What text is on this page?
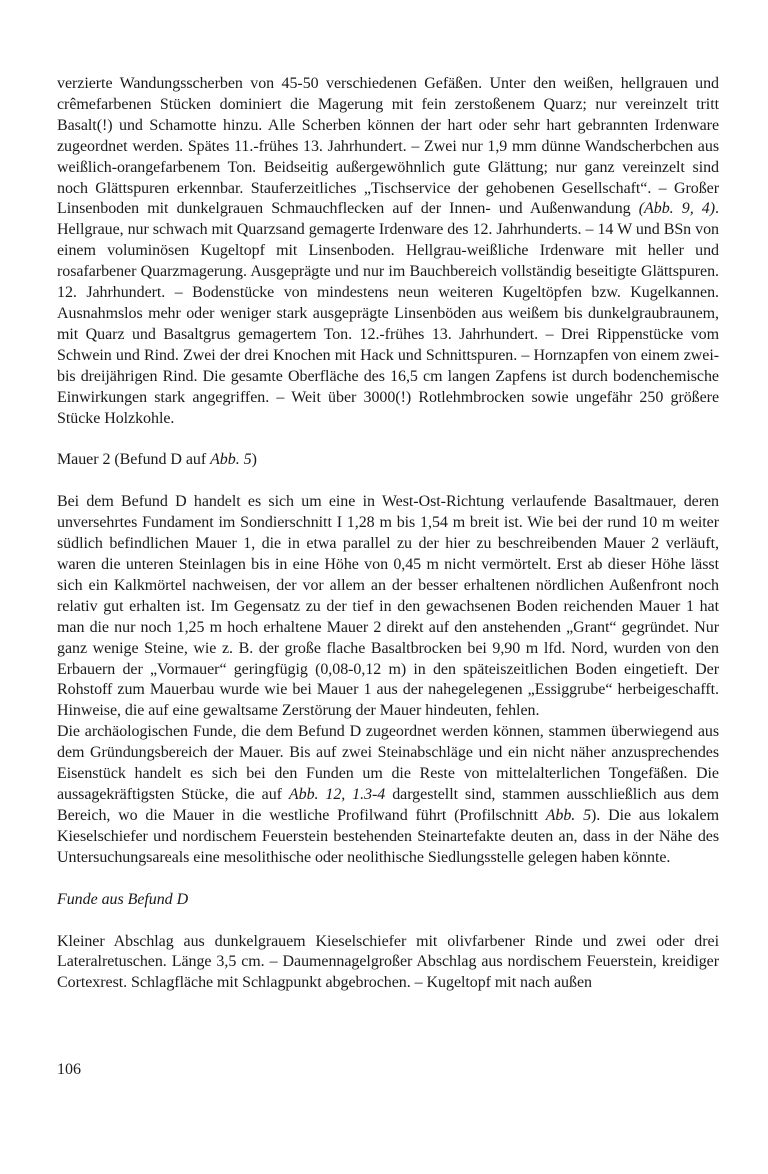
verzierte Wandungsscherben von 45-50 verschiedenen Gefäßen. Unter den weißen, hellgrauen und crêmefarbenen Stücken dominiert die Magerung mit fein zerstoßenem Quarz; nur vereinzelt tritt Basalt(!) und Schamotte hinzu. Alle Scherben können der hart oder sehr hart gebrannten Irdenware zugeordnet werden. Spätes 11.-frühes 13. Jahrhundert. – Zwei nur 1,9 mm dünne Wandscherbchen aus weißlich-orangefarbenem Ton. Beidseitig außergewöhnlich gute Glättung; nur ganz vereinzelt sind noch Glättspuren erkennbar. Stauferzeitliches „Tischservice der gehobenen Gesellschaft“. – Großer Linsenboden mit dunkelgrauen Schmauchflecken auf der Innen- und Außenwandung (Abb. 9, 4). Hellgraue, nur schwach mit Quarzsand gemagerte Irdenware des 12. Jahrhunderts. – 14 W und BSn von einem voluminösen Kugeltopf mit Linsenboden. Hellgrau-weißliche Irdenware mit heller und rosafarbener Quarzmagerung. Ausgeprägte und nur im Bauchbereich vollständig beseitigte Glättspuren. 12. Jahrhundert. – Bodenstücke von mindestens neun weiteren Kugeltöpfen bzw. Kugelkannen. Ausnahmslos mehr oder weniger stark ausgeprägte Linsenböden aus weißem bis dunkelgraubraunem, mit Quarz und Basaltgrus gemagertem Ton. 12.-frühes 13. Jahrhundert. – Drei Rippenstücke vom Schwein und Rind. Zwei der drei Knochen mit Hack und Schnittspuren. – Hornzapfen von einem zwei- bis dreijährigen Rind. Die gesamte Oberfläche des 16,5 cm langen Zapfens ist durch bodenchemische Einwirkungen stark angegriffen. – Weit über 3000(!) Rotlehmbrocken sowie ungefähr 250 größere Stücke Holzkohle.

Mauer 2 (Befund D auf Abb. 5)

Bei dem Befund D handelt es sich um eine in West-Ost-Richtung verlaufende Basaltmauer, deren unversehrtes Fundament im Sondierschnitt I 1,28 m bis 1,54 m breit ist. Wie bei der rund 10 m weiter südlich befindlichen Mauer 1, die in etwa parallel zu der hier zu beschreibenden Mauer 2 verläuft, waren die unteren Steinlagen bis in eine Höhe von 0,45 m nicht vermörtelt. Erst ab dieser Höhe lässt sich ein Kalkmörtel nachweisen, der vor allem an der besser erhaltenen nördlichen Außenfront noch relativ gut erhalten ist. Im Gegensatz zu der tief in den gewachsenen Boden reichenden Mauer 1 hat man die nur noch 1,25 m hoch erhaltene Mauer 2 direkt auf den anstehenden „Grant“ gegründet. Nur ganz wenige Steine, wie z. B. der große flache Basaltbrocken bei 9,90 m lfd. Nord, wurden von den Erbauern der „Vormauer“ geringfügig (0,08-0,12 m) in den späteiszeitlichen Boden eingetieft. Der Rohstoff zum Mauerbau wurde wie bei Mauer 1 aus der nahegelegenen „Essiggrube“ herbeigeschafft. Hinweise, die auf eine gewaltsame Zerstörung der Mauer hindeuten, fehlen.

Die archäologischen Funde, die dem Befund D zugeordnet werden können, stammen überwiegend aus dem Gründungsbereich der Mauer. Bis auf zwei Steinabschläge und ein nicht näher anzusprechendes Eisenstück handelt es sich bei den Funden um die Reste von mittelalterlichen Tongefäßen. Die aussagekräftigsten Stücke, die auf Abb. 12, 1.3-4 dargestellt sind, stammen ausschließlich aus dem Bereich, wo die Mauer in die westliche Profilwand führt (Profilschnitt Abb. 5). Die aus lokalem Kieselschiefer und nordischem Feuerstein bestehenden Steinartefakte deuten an, dass in der Nähe des Untersuchungsareals eine mesolithische oder neolithische Siedlungsstelle gelegen haben könnte.

Funde aus Befund D

Kleiner Abschlag aus dunkelgrauem Kieselschiefer mit olivfarbener Rinde und zwei oder drei Lateralretuschen. Länge 3,5 cm. – Daumennagelgroßer Abschlag aus nordischem Feuerstein, kreidiger Cortexrest. Schlagfläche mit Schlagpunkt abgebrochen. – Kugeltopf mit nach außen

106
